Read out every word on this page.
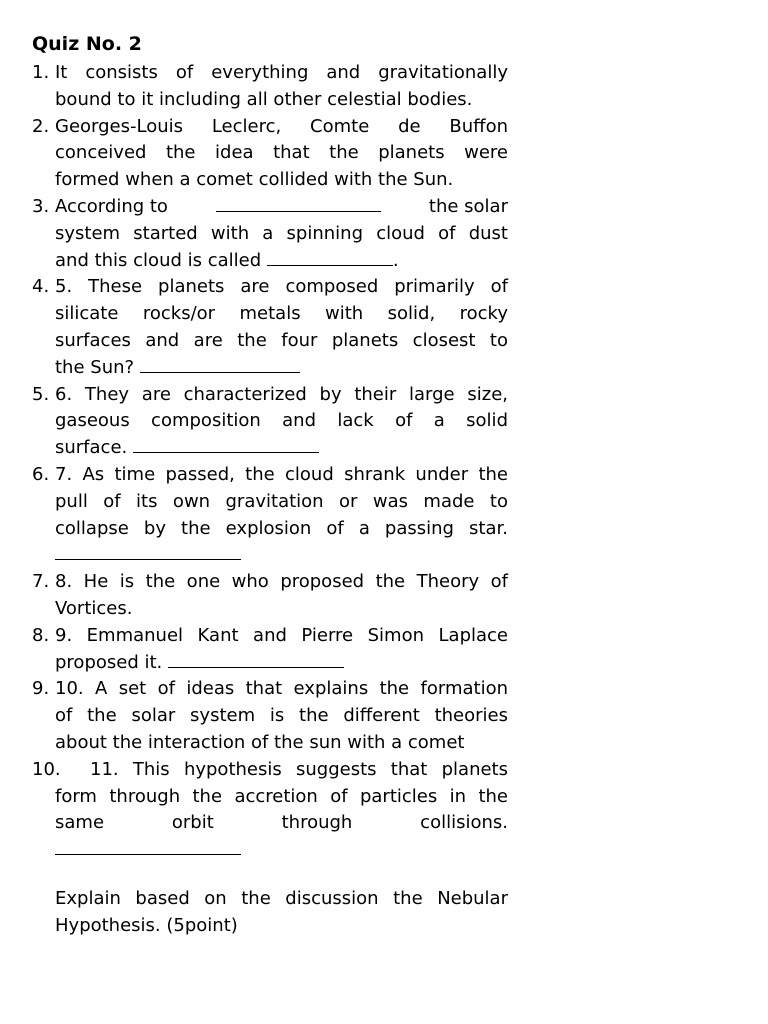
Quiz No. 2
1. It consists of everything and gravitationally
bound to it including all other celestial bodies.
2. Georges-Louis Leclerc, Comte de Buffon
conceived the idea that the planets were
formed when a comet collided with the Sun.
3. According to	the solar
system started with a spinning cloud of dust
and this cloud is called	.
4. 5. These planets are composed primarily of
silicate rocks/or metals with solid, rocky
surfaces and are the four planets closest to
the Sun?
5. 6. They are characterized by their large size,
gaseous composition and lack of a solid
surface.
6. 7. As time passed, the cloud shrank under the
pull of its own gravitation or was made to
collapse by the explosion of a passing star.
7. 8. He is the one who proposed the Theory of
Vortices.
8. 9. Emmanuel Kant and Pierre Simon Laplace
proposed it.
9. 10. A set of ideas that explains the formation
of the solar system is the different theories
about the interaction of the sun with a comet
10.	11. This hypothesis suggests that planets
form through the accretion of particles in the
same orbit through collisions.
Explain based on the discussion the Nebular
Hypothesis. (5point)
